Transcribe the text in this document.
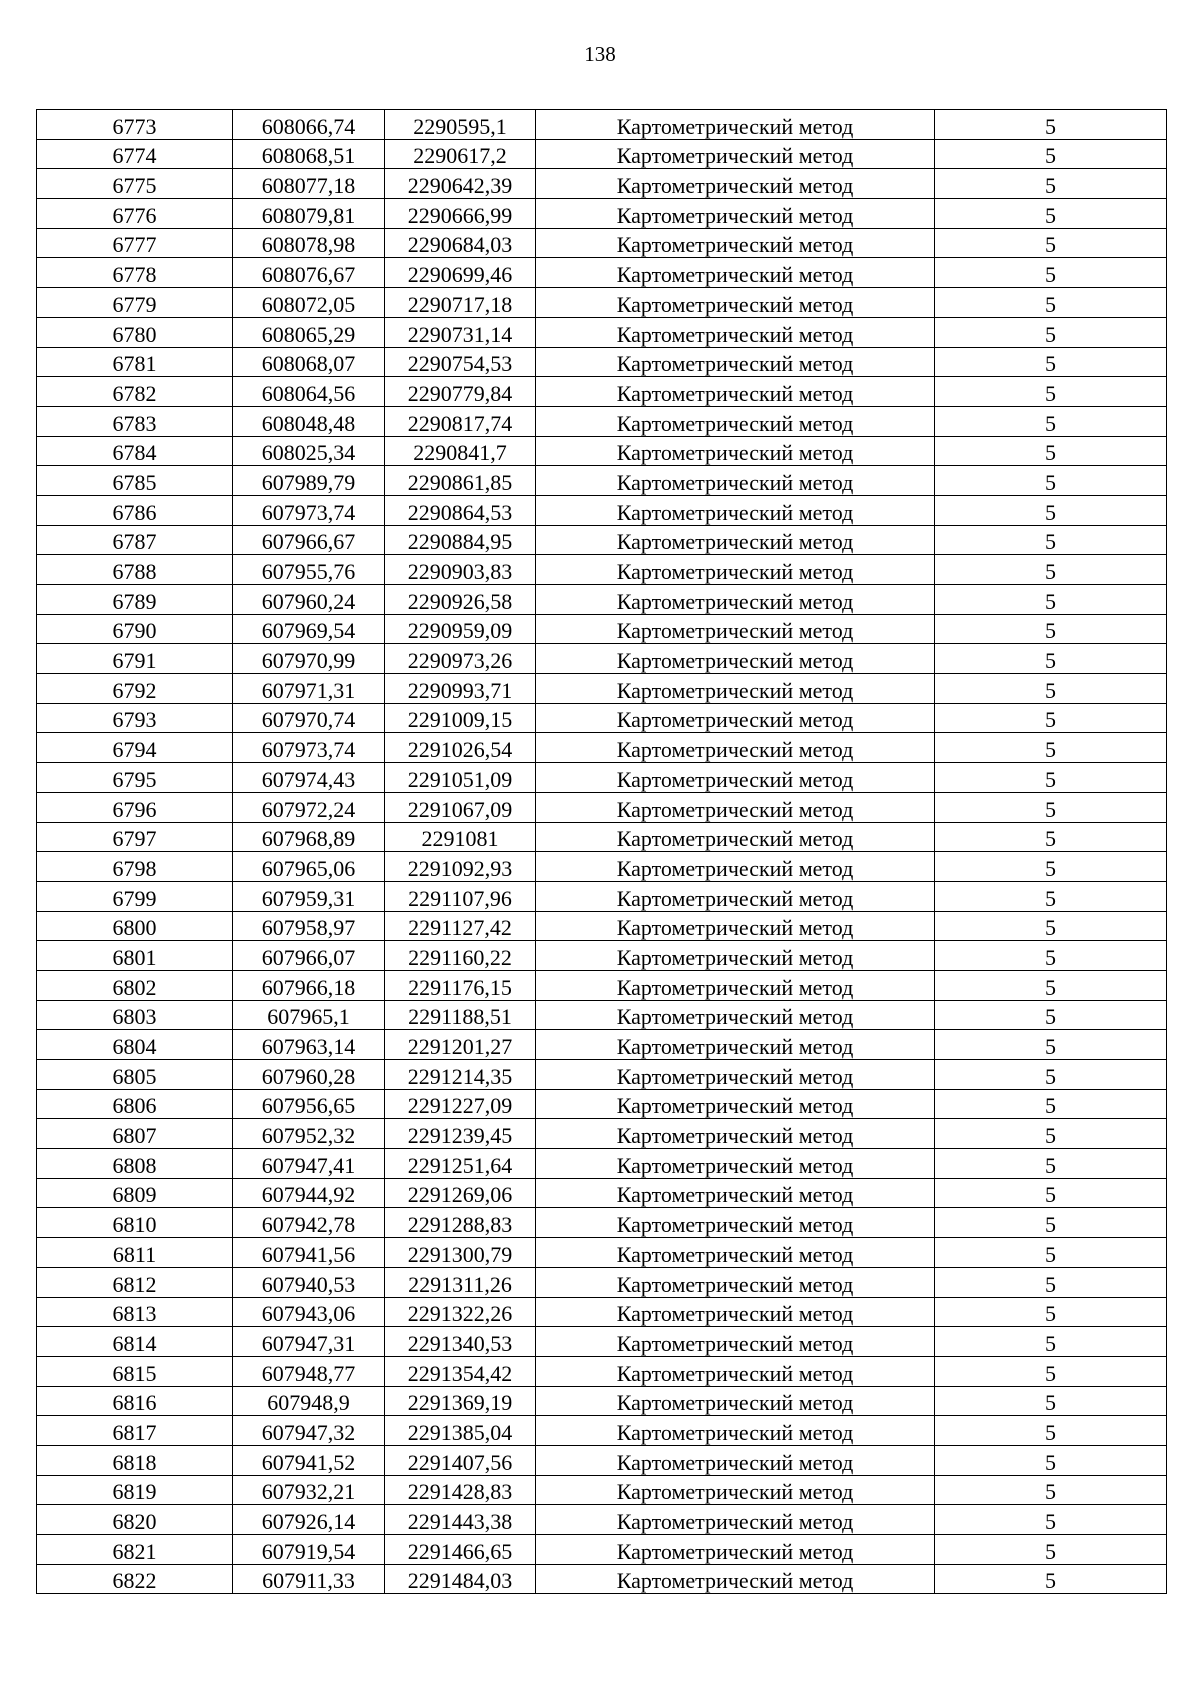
138
6773	608066,74	2290595,1	Картометрический метод	5
6774	608068,51	2290617,2	Картометрический метод	5
6775	608077,18	2290642,39	Картометрический метод	5
6776	608079,81	2290666,99	Картометрический метод	5
6777	608078,98	2290684,03	Картометрический метод	5
6778	608076,67	2290699,46	Картометрический метод	5
6779	608072,05	2290717,18	Картометрический метод	5
6780	608065,29	2290731,14	Картометрический метод	5
6781	608068,07	2290754,53	Картометрический метод	5
6782	608064,56	2290779,84	Картометрический метод	5
6783	608048,48	2290817,74	Картометрический метод	5
6784	608025,34	2290841,7	Картометрический метод	5
6785	607989,79	2290861,85	Картометрический метод	5
6786	607973,74	2290864,53	Картометрический метод	5
6787	607966,67	2290884,95	Картометрический метод	5
6788	607955,76	2290903,83	Картометрический метод	5
6789	607960,24	2290926,58	Картометрический метод	5
6790	607969,54	2290959,09	Картометрический метод	5
6791	607970,99	2290973,26	Картометрический метод	5
6792	607971,31	2290993,71	Картометрический метод	5
6793	607970,74	2291009,15	Картометрический метод	5
6794	607973,74	2291026,54	Картометрический метод	5
6795	607974,43	2291051,09	Картометрический метод	5
6796	607972,24	2291067,09	Картометрический метод	5
6797	607968,89	2291081	Картометрический метод	5
6798	607965,06	2291092,93	Картометрический метод	5
6799	607959,31	2291107,96	Картометрический метод	5
6800	607958,97	2291127,42	Картометрический метод	5
6801	607966,07	2291160,22	Картометрический метод	5
6802	607966,18	2291176,15	Картометрический метод	5
6803	607965,1	2291188,51	Картометрический метод	5
6804	607963,14	2291201,27	Картометрический метод	5
6805	607960,28	2291214,35	Картометрический метод	5
6806	607956,65	2291227,09	Картометрический метод	5
6807	607952,32	2291239,45	Картометрический метод	5
6808	607947,41	2291251,64	Картометрический метод	5
6809	607944,92	2291269,06	Картометрический метод	5
6810	607942,78	2291288,83	Картометрический метод	5
6811	607941,56	2291300,79	Картометрический метод	5
6812	607940,53	2291311,26	Картометрический метод	5
6813	607943,06	2291322,26	Картометрический метод	5
6814	607947,31	2291340,53	Картометрический метод	5
6815	607948,77	2291354,42	Картометрический метод	5
6816	607948,9	2291369,19	Картометрический метод	5
6817	607947,32	2291385,04	Картометрический метод	5
6818	607941,52	2291407,56	Картометрический метод	5
6819	607932,21	2291428,83	Картометрический метод	5
6820	607926,14	2291443,38	Картометрический метод	5
6821	607919,54	2291466,65	Картометрический метод	5
6822	607911,33	2291484,03	Картометрический метод	5
